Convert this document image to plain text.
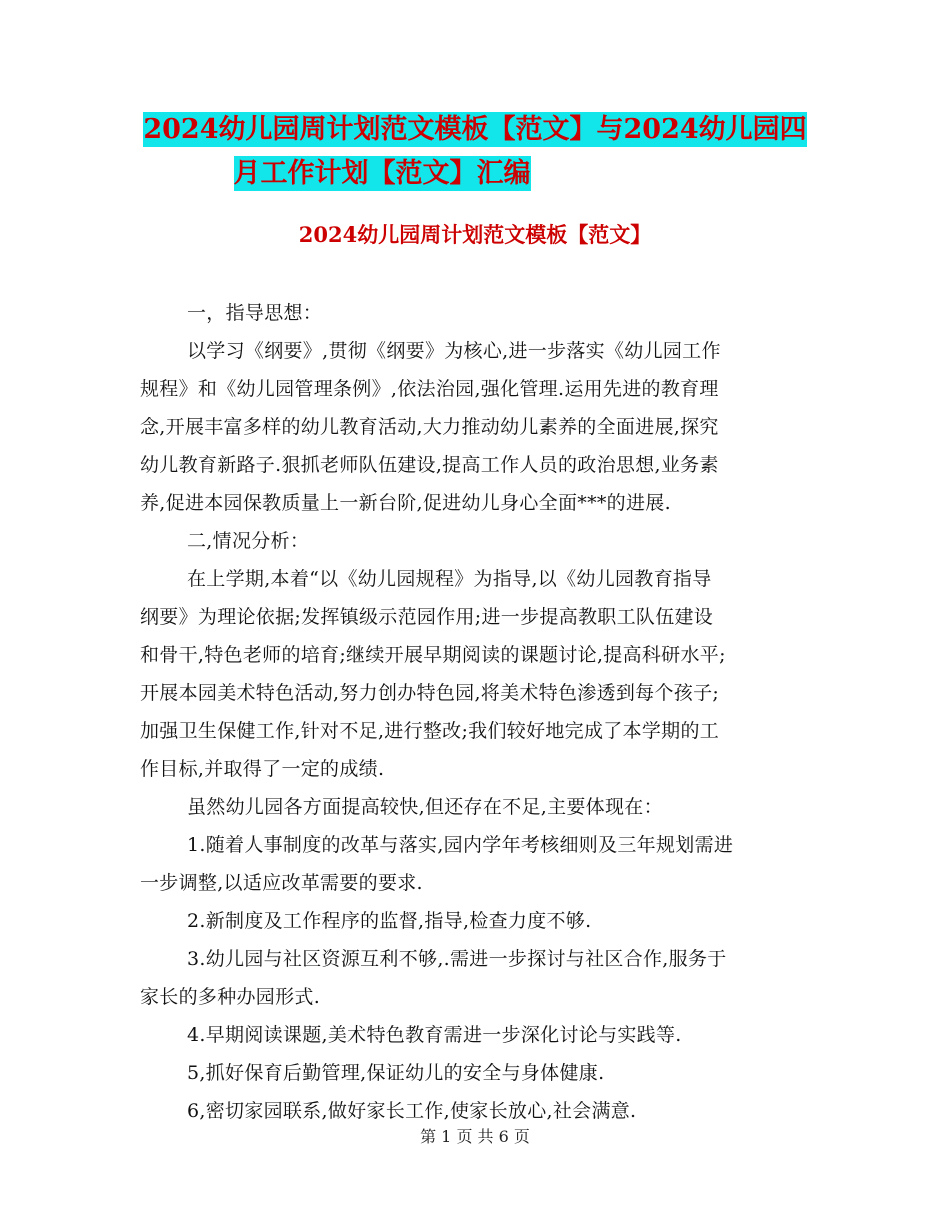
2024幼儿园周计划范文模板【范文】与2024幼儿园四
月工作计划【范文】汇编
2024幼儿园周计划范文模板【范文】
一，指导思想：
以学习《纲要》,贯彻《纲要》为核心,进一步落实《幼儿园工作
规程》和《幼儿园管理条例》,依法治园,强化管理.运用先进的教育理
念,开展丰富多样的幼儿教育活动,大力推动幼儿素养的全面进展,探究
幼儿教育新路子.狠抓老师队伍建设,提高工作人员的政治思想,业务素
养,促进本园保教质量上一新台阶,促进幼儿身心全面***的进展.
二,情况分析：
在上学期,本着“以《幼儿园规程》为指导,以《幼儿园教育指导
纲要》为理论依据;发挥镇级示范园作用;进一步提高教职工队伍建设
和骨干,特色老师的培育;继续开展早期阅读的课题讨论,提高科研水平;
开展本园美术特色活动,努力创办特色园,将美术特色渗透到每个孩子;
加强卫生保健工作,针对不足,进行整改;我们较好地完成了本学期的工
作目标,并取得了一定的成绩.
虽然幼儿园各方面提高较快,但还存在不足,主要体现在：
1.随着人事制度的改革与落实,园内学年考核细则及三年规划需进
一步调整,以适应改革需要的要求.
2.新制度及工作程序的监督,指导,检查力度不够.
3.幼儿园与社区资源互利不够,.需进一步探讨与社区合作,服务于
家长的多种办园形式.
4.早期阅读课题,美术特色教育需进一步深化讨论与实践等.
5,抓好保育后勤管理,保证幼儿的安全与身体健康.
6,密切家园联系,做好家长工作,使家长放心,社会满意.
第 1 页 共 6 页
